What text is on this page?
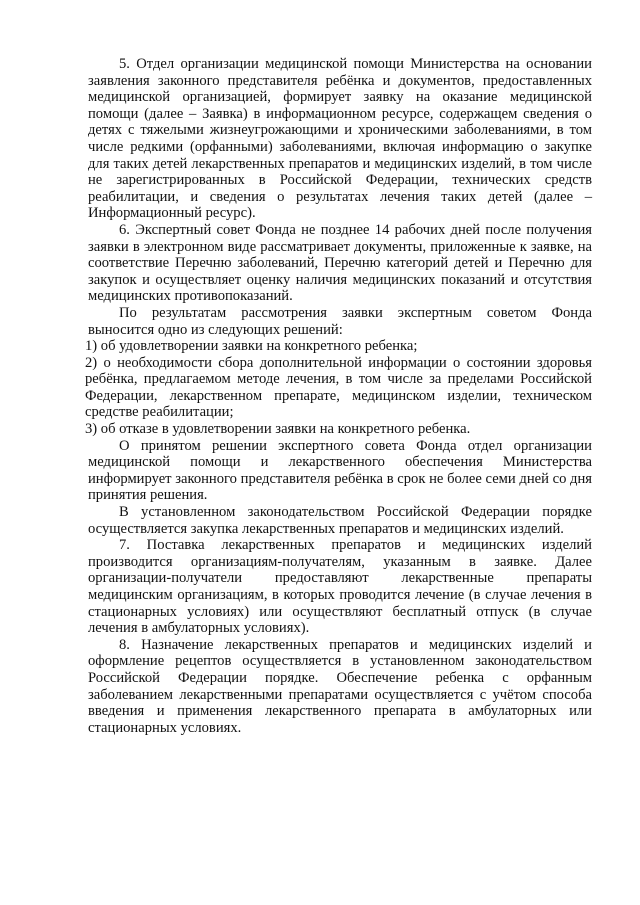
5. Отдел организации медицинской помощи Министерства на основании заявления законного представителя ребёнка и документов, предоставленных медицинской организацией, формирует заявку на оказание медицинской помощи (далее – Заявка) в информационном ресурсе, содержащем сведения о детях с тяжелыми жизнеугрожающими и хроническими заболеваниями, в том числе редкими (орфанными) заболеваниями, включая информацию о закупке для таких детей лекарственных препаратов и медицинских изделий, в том числе не зарегистрированных в Российской Федерации, технических средств реабилитации, и сведения о результатах лечения таких детей (далее – Информационный ресурс).

6. Экспертный совет Фонда не позднее 14 рабочих дней после получения заявки в электронном виде рассматривает документы, приложенные к заявке, на соответствие Перечню заболеваний, Перечню категорий детей и Перечню для закупок и осуществляет оценку наличия медицинских показаний и отсутствия медицинских противопоказаний.

По результатам рассмотрения заявки экспертным советом Фонда выносится одно из следующих решений:

1) об удовлетворении заявки на конкретного ребенка;

2) о необходимости сбора дополнительной информации о состоянии здоровья ребёнка, предлагаемом методе лечения, в том числе за пределами Российской Федерации, лекарственном препарате, медицинском изделии, техническом средстве реабилитации;

3) об отказе в удовлетворении заявки на конкретного ребенка.

О принятом решении экспертного совета Фонда отдел организации медицинской помощи и лекарственного обеспечения Министерства информирует законного представителя ребёнка в срок не более семи дней со дня принятия решения.

В установленном законодательством Российской Федерации порядке осуществляется закупка лекарственных препаратов и медицинских изделий.

7. Поставка лекарственных препаратов и медицинских изделий производится организациям-получателям, указанным в заявке. Далее организации-получатели предоставляют лекарственные препараты медицинским организациям, в которых проводится лечение (в случае лечения в стационарных условиях) или осуществляют бесплатный отпуск (в случае лечения в амбулаторных условиях).

8. Назначение лекарственных препаратов и медицинских изделий и оформление рецептов осуществляется в установленном законодательством Российской Федерации порядке. Обеспечение ребенка с орфанным заболеванием лекарственными препаратами осуществляется с учётом способа введения и применения лекарственного препарата в амбулаторных или стационарных условиях.
